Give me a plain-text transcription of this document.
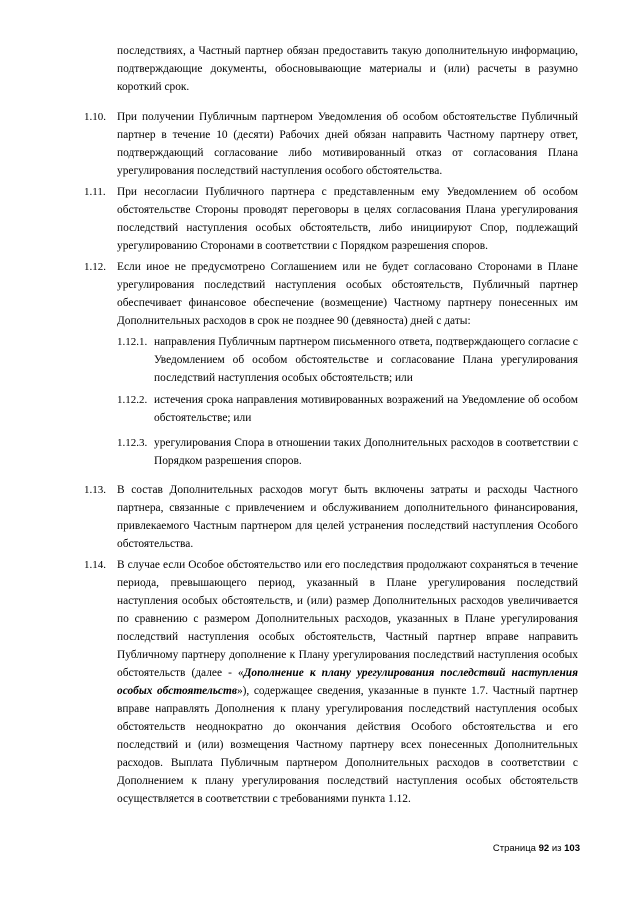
последствиях, а Частный партнер обязан предоставить такую дополнительную информацию, подтверждающие документы, обосновывающие материалы и (или) расчеты в разумно короткий срок.

1.10. При получении Публичным партнером Уведомления об особом обстоятельстве Публичный партнер в течение 10 (десяти) Рабочих дней обязан направить Частному партнеру ответ, подтверждающий согласование либо мотивированный отказ от согласования Плана урегулирования последствий наступления особого обстоятельства.

1.11. При несогласии Публичного партнера с представленным ему Уведомлением об особом обстоятельстве Стороны проводят переговоры в целях согласования Плана урегулирования последствий наступления особых обстоятельств, либо инициируют Спор, подлежащий урегулированию Сторонами в соответствии с Порядком разрешения споров.

1.12. Если иное не предусмотрено Соглашением или не будет согласовано Сторонами в Плане урегулирования последствий наступления особых обстоятельств, Публичный партнер обеспечивает финансовое обеспечение (возмещение) Частному партнеру понесенных им Дополнительных расходов в срок не позднее 90 (девяноста) дней с даты:

1.12.1. направления Публичным партнером письменного ответа, подтверждающего согласие с Уведомлением об особом обстоятельстве и согласование Плана урегулирования последствий наступления особых обстоятельств; или

1.12.2. истечения срока направления мотивированных возражений на Уведомление об особом обстоятельстве; или

1.12.3. урегулирования Спора в отношении таких Дополнительных расходов в соответствии с Порядком разрешения споров.

1.13. В состав Дополнительных расходов могут быть включены затраты и расходы Частного партнера, связанные с привлечением и обслуживанием дополнительного финансирования, привлекаемого Частным партнером для целей устранения последствий наступления Особого обстоятельства.

1.14. В случае если Особое обстоятельство или его последствия продолжают сохраняться в течение периода, превышающего период, указанный в Плане урегулирования последствий наступления особых обстоятельств, и (или) размер Дополнительных расходов увеличивается по сравнению с размером Дополнительных расходов, указанных в Плане урегулирования последствий наступления особых обстоятельств, Частный партнер вправе направить Публичному партнеру дополнение к Плану урегулирования последствий наступления особых обстоятельств (далее - «Дополнение к плану урегулирования последствий наступления особых обстоятельств»), содержащее сведения, указанные в пункте 1.7. Частный партнер вправе направлять Дополнения к плану урегулирования последствий наступления особых обстоятельств неоднократно до окончания действия Особого обстоятельства и его последствий и (или) возмещения Частному партнеру всех понесенных Дополнительных расходов. Выплата Публичным партнером Дополнительных расходов в соответствии с Дополнением к плану урегулирования последствий наступления особых обстоятельств осуществляется в соответствии с требованиями пункта 1.12.

Страница 92 из 103
